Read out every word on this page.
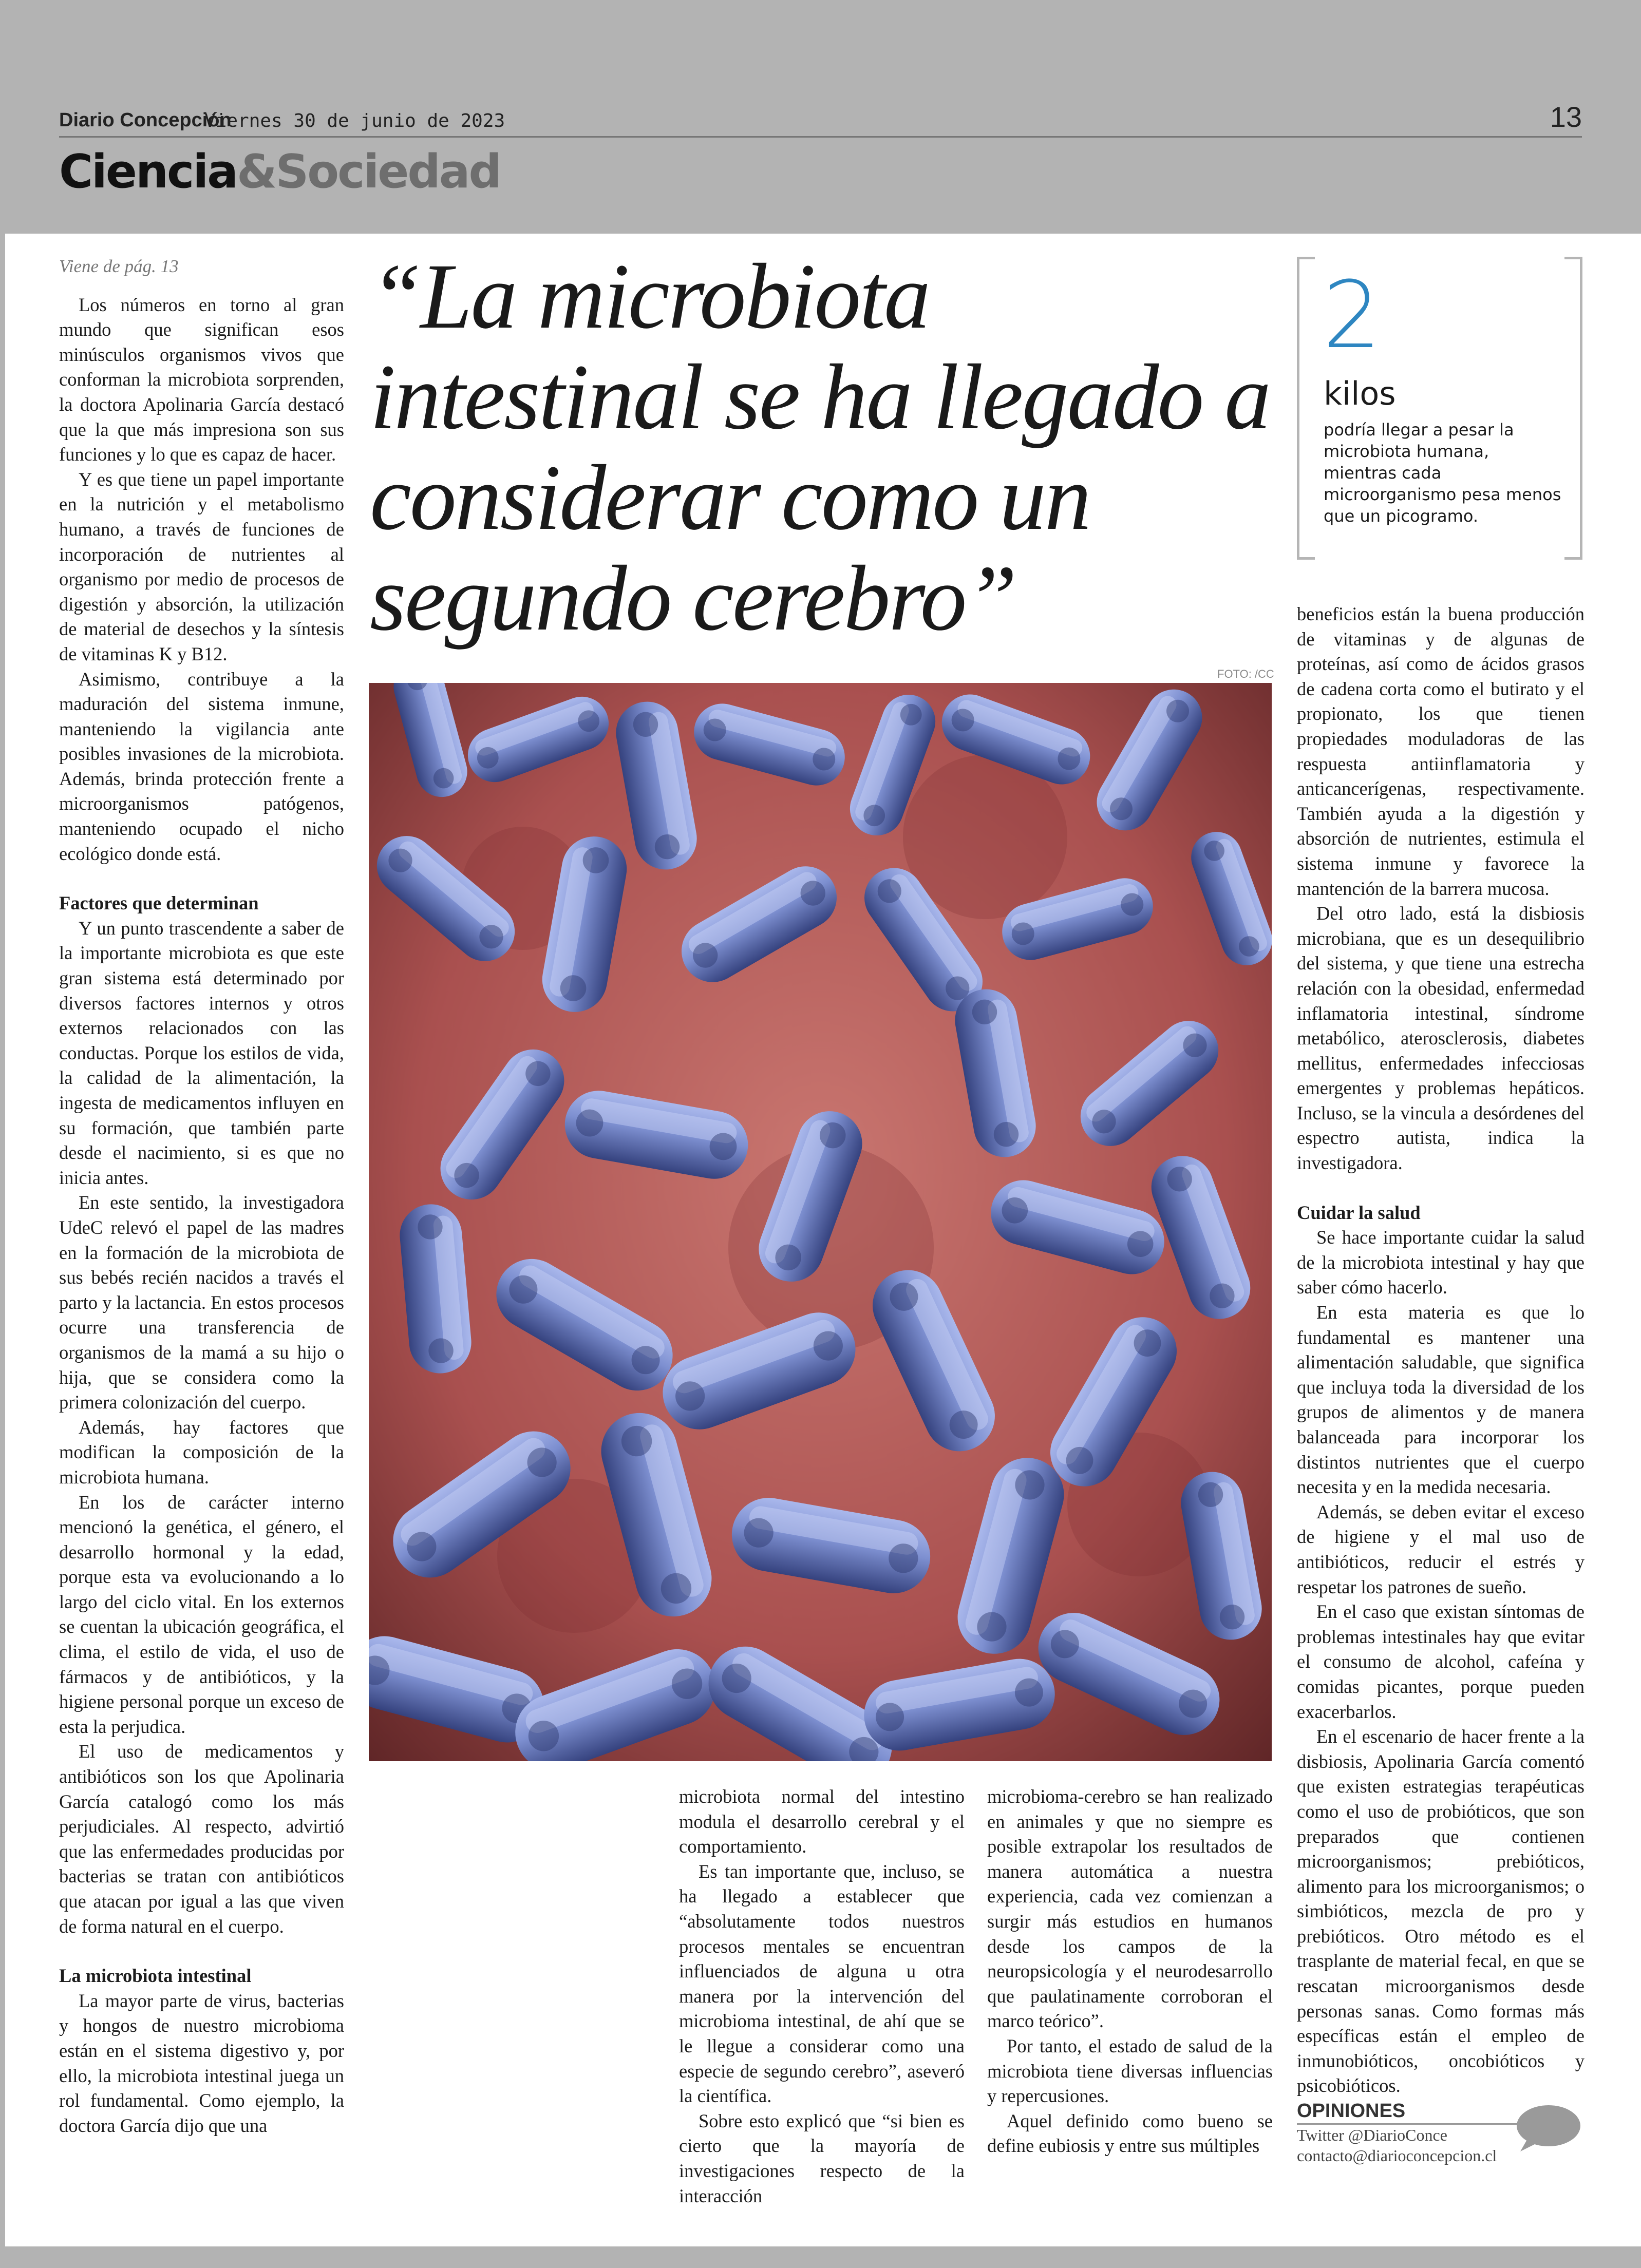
Diario Concepción
Viernes 30 de junio de 2023	13
Ciencia&Sociedad

Viene de pág. 13

Los números en torno al gran mundo que significan esos minúsculos organismos vivos que conforman la microbiota sorprenden, la doctora Apolinaria García destacó que la que más impresiona son sus funciones y lo que es capaz de hacer.

Y es que tiene un papel importante en la nutrición y el metabolismo humano, a través de funciones de incorporación de nutrientes al organismo por medio de procesos de digestión y absorción, la utilización de material de desechos y la síntesis de vitaminas K y B12.

Asimismo, contribuye a la maduración del sistema inmune, manteniendo la vigilancia ante posibles invasiones de la microbiota. Además, brinda protección frente a microorganismos patógenos, manteniendo ocupado el nicho ecológico donde está.

Factores que determinan

Y un punto trascendente a saber de la importante microbiota es que este gran sistema está determinado por diversos factores internos y otros externos relacionados con las conductas. Porque los estilos de vida, la calidad de la alimentación, la ingesta de medicamentos influyen en su formación, que también parte desde el nacimiento, si es que no inicia antes.

En este sentido, la investigadora UdeC relevó el papel de las madres en la formación de la microbiota de sus bebés recién nacidos a través el parto y la lactancia. En estos procesos ocurre una transferencia de organismos de la mamá a su hijo o hija, que se considera como la primera colonización del cuerpo.

Además, hay factores que modifican la composición de la microbiota humana.

En los de carácter interno mencionó la genética, el género, el desarrollo hormonal y la edad, porque esta va evolucionando a lo largo del ciclo vital. En los externos se cuentan la ubicación geográfica, el clima, el estilo de vida, el uso de fármacos y de antibióticos, y la higiene personal porque un exceso de esta la perjudica.

El uso de medicamentos y antibióticos son los que Apolinaria García catalogó como los más perjudiciales. Al respecto, advirtió que las enfermedades producidas por bacterias se tratan con antibióticos que atacan por igual a las que viven de forma natural en el cuerpo.

La microbiota intestinal

La mayor parte de virus, bacterias y hongos de nuestro microbioma están en el sistema digestivo y, por ello, la microbiota intestinal juega un rol fundamental. Como ejemplo, la doctora García dijo que una

“La microbiota intestinal se ha llegado a considerar como un segundo cerebro”
2
kilos
podría llegar a pesar la microbiota humana, mientras cada microorganismo pesa menos que un picogramo.

beneficios están la buena producción de vitaminas y de algunas de proteínas, así como de ácidos grasos de cadena corta como el butirato y el propionato, los que tienen propiedades moduladoras de las respuesta antiinflamatoria y anticancerígenas, respectivamente. También ayuda a la digestión y absorción de nutrientes, estimula el sistema inmune y favorece la mantención de la barrera mucosa.

Del otro lado, está la disbiosis microbiana, que es un desequilibrio del sistema, y que tiene una estrecha relación con la obesidad, enfermedad inflamatoria intestinal, síndrome metabólico, aterosclerosis, diabetes mellitus, enfermedades infecciosas emergentes y problemas hepáticos. Incluso, se la vincula a desórdenes del espectro autista, indica la investigadora.

Cuidar la salud

Se hace importante cuidar la salud de la microbiota intestinal y hay que saber cómo hacerlo.

En esta materia es que lo fundamental es mantener una alimentación saludable, que significa que incluya toda la diversidad de los grupos de alimentos y de manera balanceada para incorporar los distintos nutrientes que el cuerpo necesita y en la medida necesaria.

Además, se deben evitar el exceso de higiene y el mal uso de antibióticos, reducir el estrés y respetar los patrones de sueño.

En el caso que existan síntomas de problemas intestinales hay que evitar el consumo de alcohol, cafeína y comidas picantes, porque pueden exacerbarlos.

En el escenario de hacer frente a la disbiosis, Apolinaria García comentó que existen estrategias terapéuticas como el uso de probióticos, que son preparados que contienen microorganismos; prebióticos, alimento para los microorganismos; o simbióticos, mezcla de pro y prebióticos. Otro método es el trasplante de material fecal, en que se rescatan microorganismos desde personas sanas. Como formas más específicas están el empleo de inmunobióticos, oncobióticos y psicobióticos.

FOTO: /CC

microbiota normal del intestino modula el desarrollo cerebral y el comportamiento.

Es tan importante que, incluso, se ha llegado a establecer que “absolutamente todos nuestros procesos mentales se encuentran influenciados de alguna u otra manera por la intervención del microbioma intestinal, de ahí que se le llegue a considerar como una especie de segundo cerebro”, aseveró la científica.

Sobre esto explicó que “si bien es cierto que la mayoría de investigaciones respecto de la interacción

microbioma-cerebro se han realizado en animales y que no siempre es posible extrapolar los resultados de manera automática a nuestra experiencia, cada vez comienzan a surgir más estudios en humanos desde los campos de la neuropsicología y el neurodesarrollo que paulatinamente corroboran el marco teórico”.

Por tanto, el estado de salud de la microbiota tiene diversas influencias y repercusiones.

Aquel definido como bueno se define eubiosis y entre sus múltiples

OPINIONES
Twitter @DiarioConce
contacto@diarioconcepcion.cl
